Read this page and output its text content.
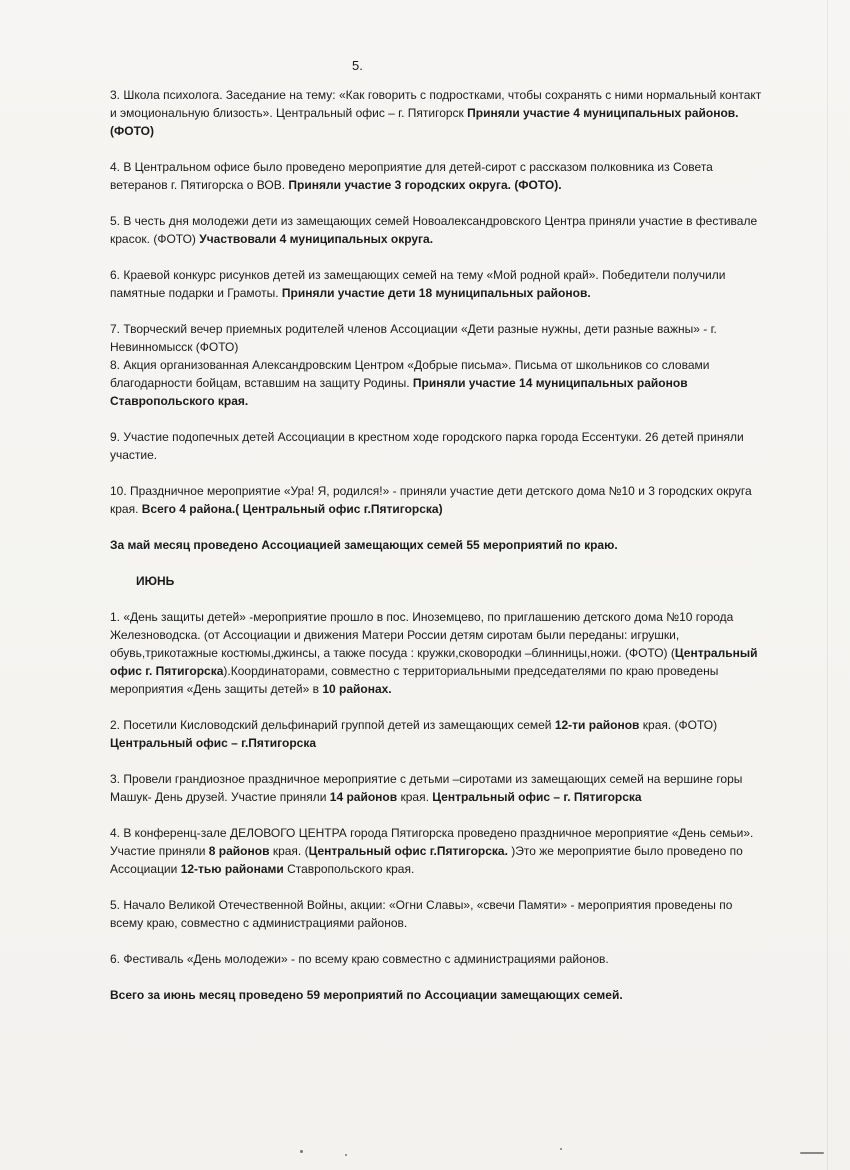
5.

3. Школа психолога. Заседание на тему: «Как говорить с подростками, чтобы сохранять с ними нормальный контакт и эмоциональную близость». Центральный офис – г. Пятигорск Приняли участие 4 муниципальных районов. (ФОТО)

4. В Центральном офисе было проведено мероприятие для детей-сирот с рассказом полковника из Совета ветеранов г. Пятигорска о ВОВ. Приняли участие 3 городских округа. (ФОТО).

5. В честь дня молодежи дети из замещающих семей Новоалександровского Центра приняли участие в фестивале красок. (ФОТО) Участвовали 4 муниципальных округа.

6. Краевой конкурс рисунков детей из замещающих семей на тему «Мой родной край». Победители получили памятные подарки и Грамоты. Приняли участие дети 18 муниципальных районов.

7. Творческий вечер приемных родителей членов Ассоциации «Дети разные нужны, дети разные важны» - г. Невинномысск (ФОТО)

8. Акция организованная Александровским Центром «Добрые письма». Письма от школьников со словами благодарности бойцам, вставшим на защиту Родины. Приняли участие 14 муниципальных районов Ставропольского края.

9. Участие подопечных детей Ассоциации в крестном ходе городского парка города Ессентуки. 26 детей приняли участие.

10. Праздничное мероприятие «Ура! Я, родился!» - приняли участие дети детского дома №10 и 3 городских округа края. Всего 4 района.( Центральный офис г.Пятигорска)

За май месяц проведено Ассоциацией замещающих семей 55 мероприятий по краю.

ИЮНЬ

1. «День защиты детей» -мероприятие прошло в пос. Иноземцево, по приглашению детского дома №10 города Железноводска. (от Ассоциации и движения Матери России детям сиротам были переданы: игрушки, обувь,трикотажные костюмы,джинсы, а также посуда : кружки,сковородки –блинницы,ножи. (ФОТО) (Центральный офис г. Пятигорска).Координаторами, совместно с территориальными председателями по краю проведены мероприятия «День защиты детей» в 10 районах.

2. Посетили Кисловодский дельфинарий группой детей из замещающих семей 12-ти районов края. (ФОТО) Центральный офис – г.Пятигорска

3. Провели грандиозное праздничное мероприятие с детьми –сиротами из замещающих семей на вершине горы Машук- День друзей. Участие приняли 14 районов края. Центральный офис – г. Пятигорска

4. В конференц-зале ДЕЛОВОГО ЦЕНТРА города Пятигорска проведено праздничное мероприятие «День семьи». Участие приняли 8 районов края. (Центральный офис г.Пятигорска. )Это же мероприятие было проведено по Ассоциации 12-тью районами Ставропольского края.

5. Начало Великой Отечественной Войны, акции: «Огни Славы», «свечи Памяти» - мероприятия проведены по всему краю, совместно с администрациями районов.

6. Фестиваль «День молодежи» - по всему краю совместно с администрациями районов.

Всего за июнь месяц проведено 59 мероприятий по Ассоциации замещающих семей.
